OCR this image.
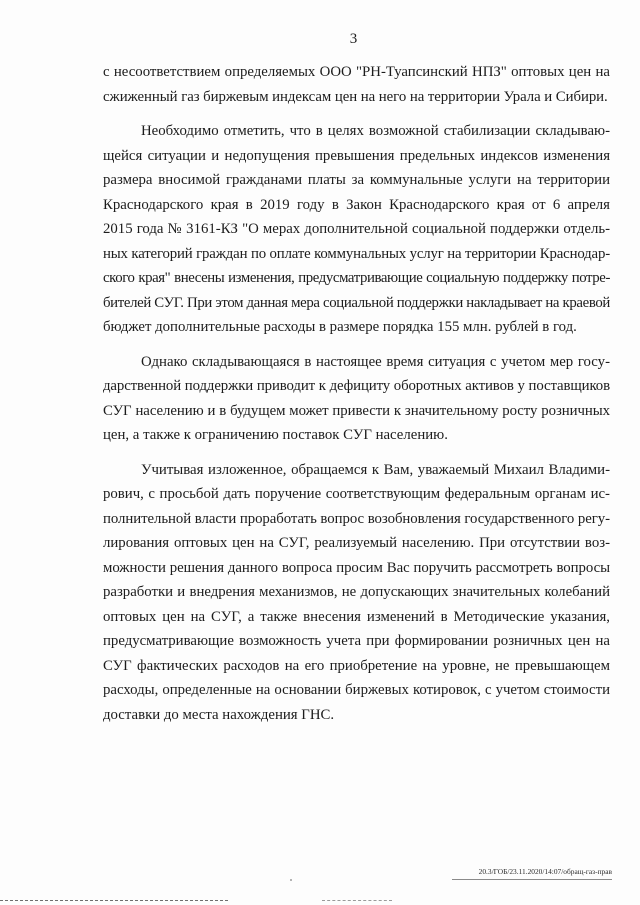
3
с несоответствием определяемых ООО "РН-Туапсинский НПЗ" оптовых цен на
сжиженный газ биржевым индексам цен на него на территории Урала и Сибири.
Необходимо отметить, что в целях возможной стабилизации складываю-
щейся ситуации и недопущения превышения предельных индексов изменения
размера вносимой гражданами платы за коммунальные услуги на территории
Краснодарского края в 2019 году в Закон Краснодарского края от 6 апреля
2015 года № 3161-КЗ "О мерах дополнительной социальной поддержки отдель-
ных категорий граждан по оплате коммунальных услуг на территории Краснодар-
ского края" внесены изменения, предусматривающие социальную поддержку потре-
бителей СУГ. При этом данная мера социальной поддержки накладывает на краевой
бюджет дополнительные расходы в размере порядка 155 млн. рублей в год.
Однако складывающаяся в настоящее время ситуация с учетом мер госу-
дарственной поддержки приводит к дефициту оборотных активов у поставщиков
СУГ населению и в будущем может привести к значительному росту розничных
цен, а также к ограничению поставок СУГ населению.
Учитывая изложенное, обращаемся к Вам, уважаемый Михаил Владими-
рович, с просьбой дать поручение соответствующим федеральным органам ис-
полнительной власти проработать вопрос возобновления государственного регу-
лирования оптовых цен на СУГ, реализуемый населению. При отсутствии воз-
можности решения данного вопроса просим Вас поручить рассмотреть вопросы
разработки и внедрения механизмов, не допускающих значительных колебаний
оптовых цен на СУГ, а также внесения изменений в Методические указания,
предусматривающие возможность учета при формировании розничных цен на
СУГ фактических расходов на его приобретение на уровне, не превышающем
расходы, определенные на основании биржевых котировок, с учетом стоимости
доставки до места нахождения ГНС.
20.3/ГОБ/23.11.2020/14:07/обращ-газ-прав
